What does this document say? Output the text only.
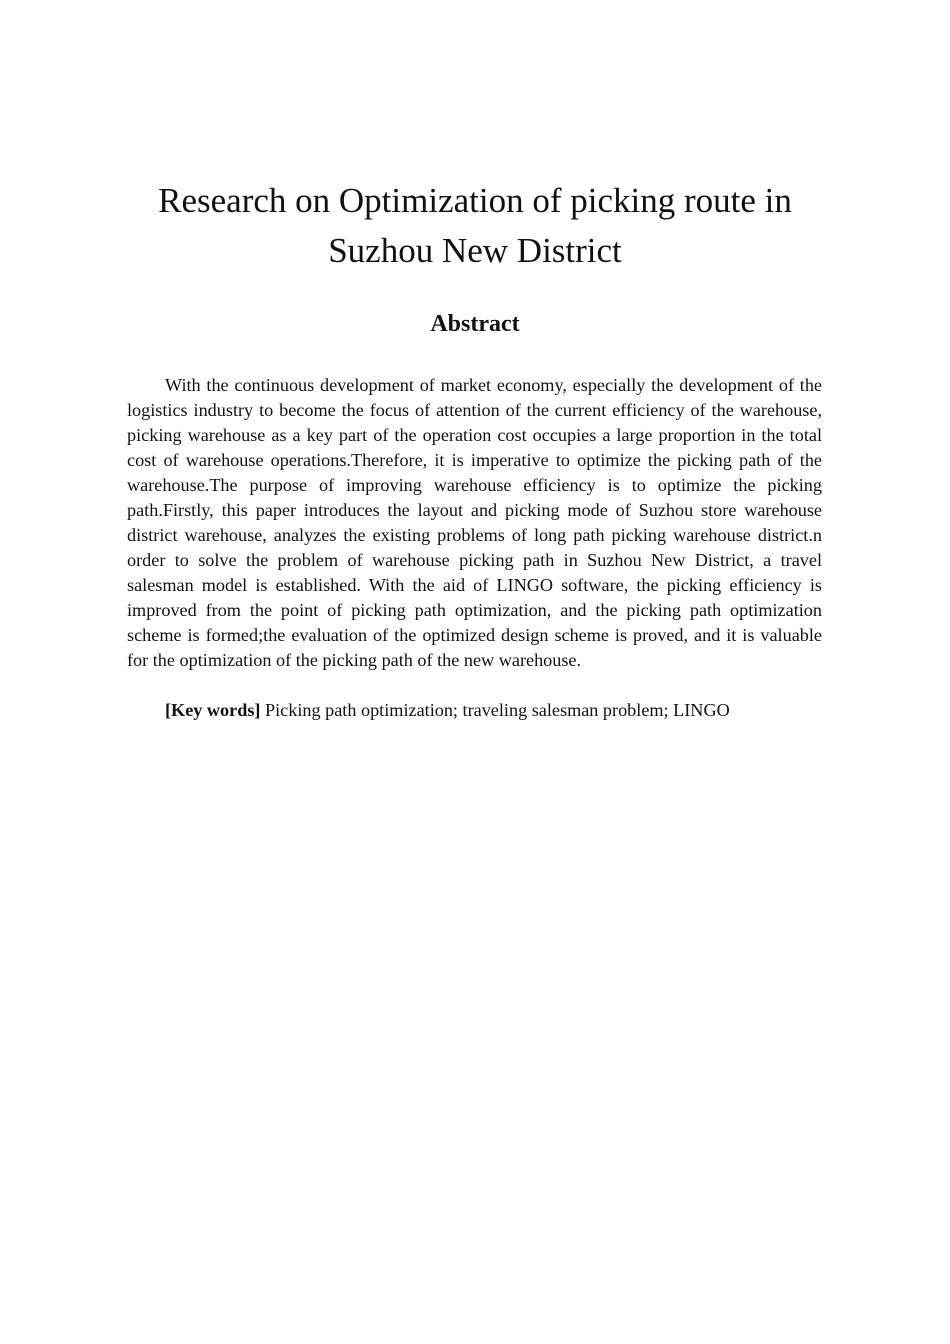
Research on Optimization of picking route in
Suzhou New District
Abstract

With the continuous development of market economy, especially the development of the logistics industry to become the focus of attention of the current efficiency of the warehouse, picking warehouse as a key part of the operation cost occupies a large proportion in the total cost of warehouse operations.Therefore, it is imperative to optimize the picking path of the warehouse.The purpose of improving warehouse efficiency is to optimize the picking path.Firstly, this paper introduces the layout and picking mode of Suzhou store warehouse district warehouse, analyzes the existing problems of long path picking warehouse district.n order to solve the problem of warehouse picking path in Suzhou New District, a travel salesman model is established. With the aid of LINGO software, the picking efficiency is improved from the point of picking path optimization, and the picking path optimization scheme is formed;the evaluation of the optimized design scheme is proved, and it is valuable for the optimization of the picking path of the new warehouse.

[Key words] Picking path optimization; traveling salesman problem; LINGO
